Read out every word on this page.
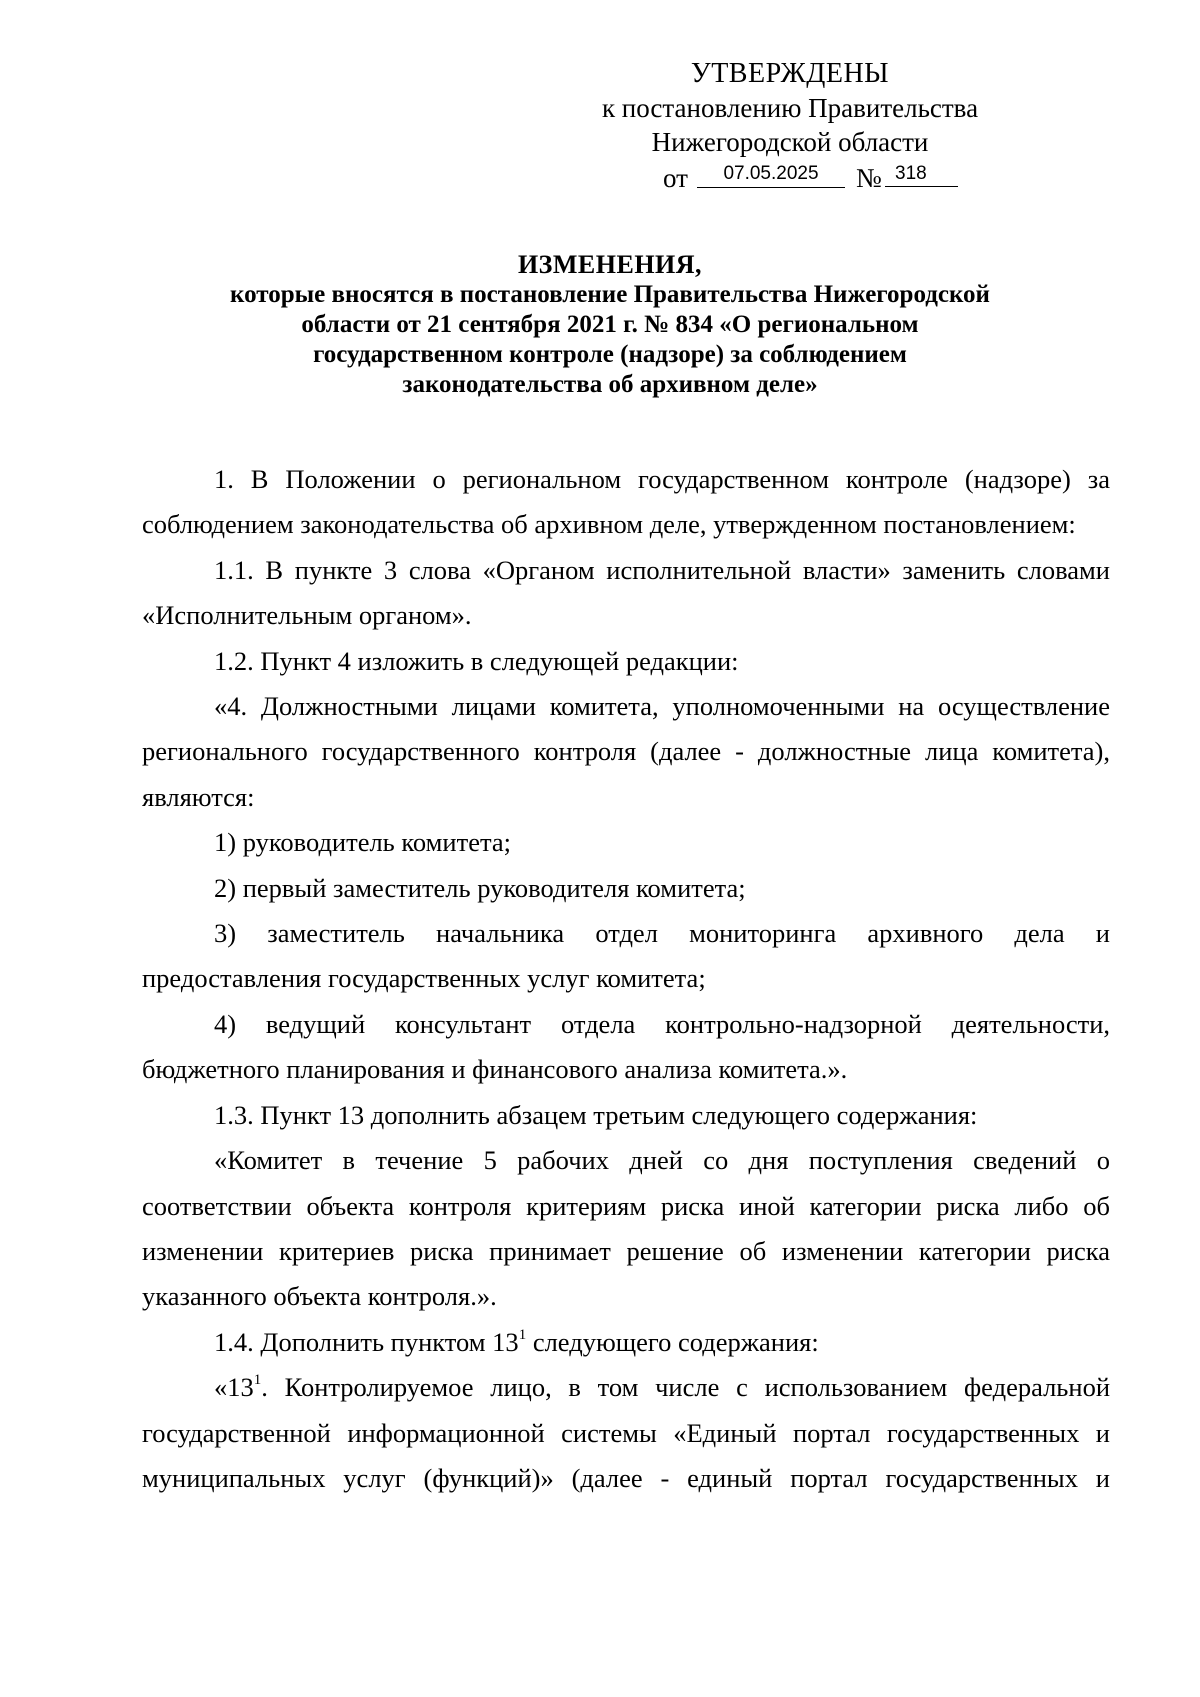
УТВЕРЖДЕНЫ
к постановлению Правительства
Нижегородской области
от	07.05.2025	№ 318
ИЗМЕНЕНИЯ,
которые вносятся в постановление Правительства Нижегородской
области от 21 сентября 2021 г. № 834 «О региональном
государственном контроле (надзоре) за соблюдением
законодательства об архивном деле»

1. В Положении о региональном государственном контроле (надзоре) за соблюдением законодательства об архивном деле, утвержденном постановлением:

1.1. В пункте 3 слова «Органом исполнительной власти» заменить словами «Исполнительным органом».

1.2. Пункт 4 изложить в следующей редакции:

«4. Должностными лицами комитета, уполномоченными на осуществление регионального государственного контроля (далее - должностные лица комитета), являются:

1) руководитель комитета;

2) первый заместитель руководителя комитета;

3) заместитель начальника отдел мониторинга архивного дела и предоставления государственных услуг комитета;

4) ведущий консультант отдела контрольно-надзорной деятельности, бюджетного планирования и финансового анализа комитета.».

1.3. Пункт 13 дополнить абзацем третьим следующего содержания:

«Комитет в течение 5 рабочих дней со дня поступления сведений о соответствии объекта контроля критериям риска иной категории риска либо об изменении критериев риска принимает решение об изменении категории риска указанного объекта контроля.».

1.4. Дополнить пунктом $13^1$ следующего содержания:

«$13^1$. Контролируемое лицо, в том числе с использованием федеральной государственной информационной системы «Единый портал государственных и муниципальных услуг (функций)» (далее - единый портал государственных и
